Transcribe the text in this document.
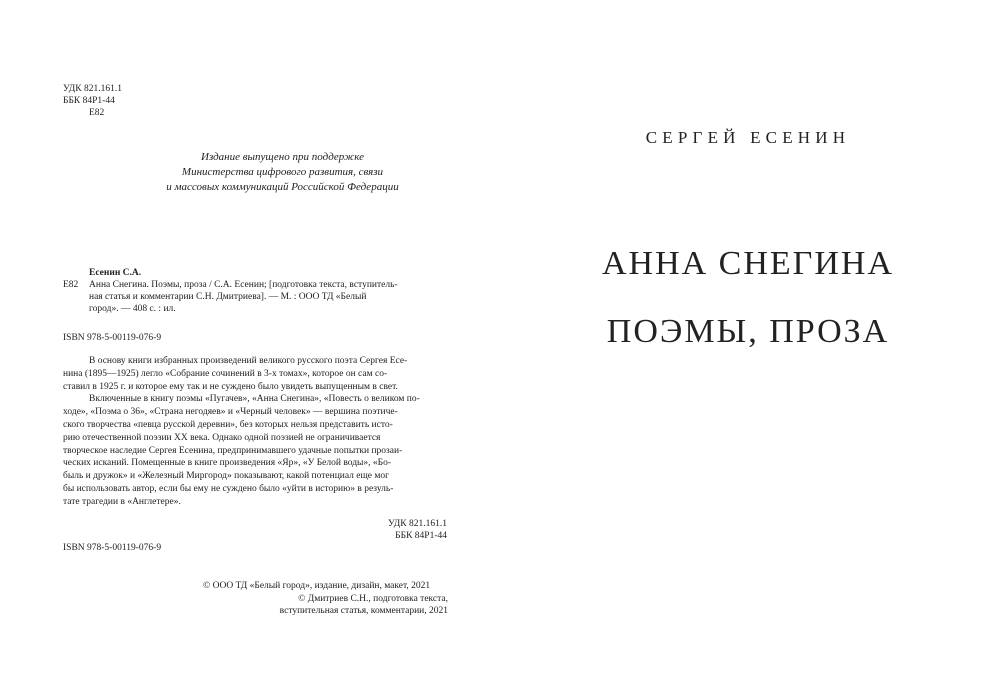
УДК 821.161.1
ББК 84Р1-44
Е82
Издание выпущено при поддержке
Министерства цифрового развития, связи
и массовых коммуникаций Российской Федерации
Есенин С.А.
Е82 Анна Снегина. Поэмы, проза / С.А. Есенин; [подготовка текста, вступитель-
ная статья и комментарии С.Н. Дмитриева]. — М. : ООО ТД «Белый
город». — 408 с. : ил.
ISBN 978-5-00119-076-9
В основу книги избранных произведений великого русского поэта Сергея Есе-
нина (1895—1925) легло «Собрание сочинений в 3-х томах», которое он сам со-
ставил в 1925 г. и которое ему так и не суждено было увидеть выпущенным в свет.
Включенные в книгу поэмы «Пугачев», «Анна Снегина», «Повесть о великом по-
ходе», «Поэма о 36», «Страна негодяев» и «Черный человек» — вершина поэтиче-
ского творчества «певца русской деревни», без которых нельзя представить исто-
рию отечественной поэзии XX века. Однако одной поэзией не ограничивается
творческое наследие Сергея Есенина, предпринимавшего удачные попытки прозаи-
ческих исканий. Помещенные в книге произведения «Яр», «У Белой воды», «Бо-
быль и дружок» и «Железный Миргород» показывают, какой потенциал еще мог
бы использовать автор, если бы ему не суждено было «уйти в историю» в резуль-
тате трагедии в «Англетере».
УДК 821.161.1
ББК 84Р1-44
ISBN 978-5-00119-076-9
© ООО ТД «Белый город», издание, дизайн, макет, 2021
© Дмитриев С.Н., подготовка текста,
вступительная статья, комментарии, 2021
СЕРГЕЙ ЕСЕНИН
АННА СНЕГИНА
ПОЭМЫ, ПРОЗА
